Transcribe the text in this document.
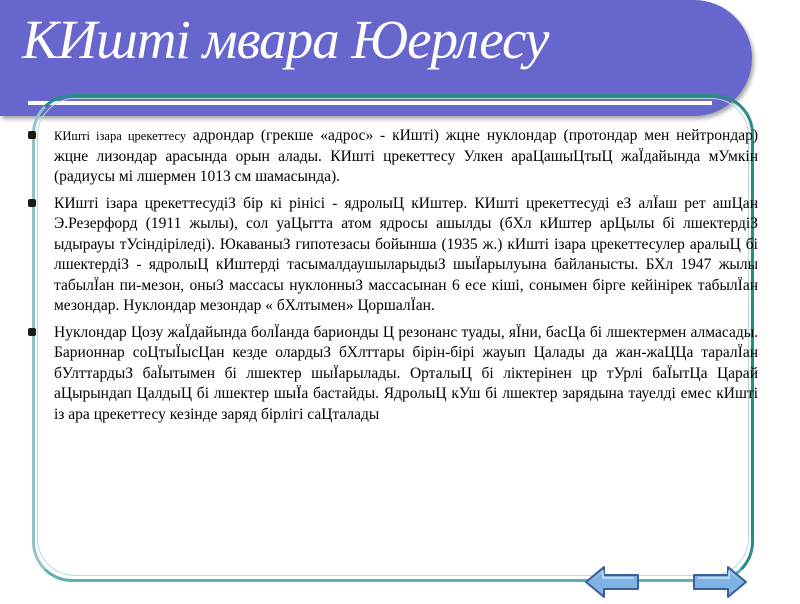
КИшті мвара Юерлесу

КИшті ізара црекеттесу адрондар (грекше «адрос» - кИшті) жцне нуклондар (протондар мен нейтрондар) жцне лизондар арасында орын алады. КИшті црекеттесу Улкен араЦашыЦтыЦ жаЇдайында мУмкін (радиусы мі лшермен 1013 см шамасында).

КИшті ізара црекеттесудіЗ бір кі рінісі - ядролыЦ кИштер. КИшті црекеттесуді еЗ алЇаш рет ашЦан Э.Резерфорд (1911 жылы), сол уаЦытта атом ядросы ашылды (бХл кИштер арЦылы бі лшектердіЗ ыдырауы тУсіндіріледі). ЮкаваныЗ гипотезасы бойынша (1935 ж.) кИшті ізара црекеттесулер аралыЦ бі лшектердіЗ - ядролыЦ кИштерді тасымалдаушыларыдыЗ шыЇарылуына байланысты. БХл 1947 жылы табылЇан пи-мезон, оныЗ массасы нуклонныЗ массасынан 6 есе кіші, сонымен бірге кейінірек табылЇан мезондар. Нуклондар мезондар « бХлтымен» ЦоршалЇан.

Нуклондар Цозу жаЇдайында болЇанда барионды Ц резонанс туады, яЇни, басЦа бі лшектермен алмасады. Барионнар соЦтыЇысЦан кезде олардыЗ бХлттары бірін-бірі жауып Цалады да жан-жаЦЦа таралЇан бУлттардыЗ баЇытымен бі лшектер шыЇарылады. ОрталыЦ бі ліктерінен цр тУрлі баЇытЦа Царай аЦырындап ЦалдыЦ бі лшектер шыЇа бастайды. ЯдролыЦ кУш бі лшектер зарядына тауелді емес кИшті із ара црекеттесу кезінде заряд бірлігі саЦталады
